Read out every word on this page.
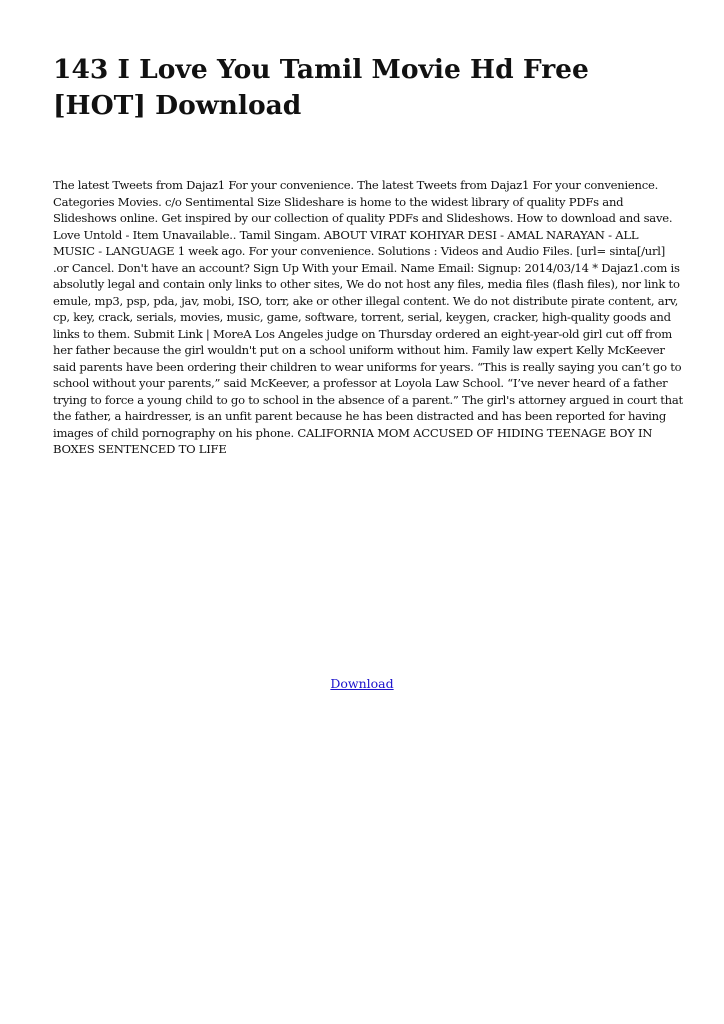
143 I Love You Tamil Movie Hd Free [HOT] Download

The latest Tweets from Dajaz1 For your convenience. The latest Tweets from Dajaz1 For your convenience. Categories Movies. c/o Sentimental Size Slideshare is home to the widest library of quality PDFs and Slideshows online. Get inspired by our collection of quality PDFs and Slideshows. How to download and save. Love Untold - Item Unavailable.. Tamil Singam. ABOUT VIRAT KOHIYAR DESI - AMAL NARAYAN - ALL MUSIC - LANGUAGE 1 week ago. For your convenience. Solutions : Videos and Audio Files. [url= sinta[/url] .or Cancel. Don't have an account? Sign Up With your Email. Name Email: Signup: 2014/03/14 * Dajaz1.com is absolutly legal and contain only links to other sites, We do not host any files, media files (flash files), nor link to emule, mp3, psp, pda, jav, mobi, ISO, torr, ake or other illegal content. We do not distribute pirate content, arv, cp, key, crack, serials, movies, music, game, software, torrent, serial, keygen, cracker, high-quality goods and links to them. Submit Link | MoreA Los Angeles judge on Thursday ordered an eight-year-old girl cut off from her father because the girl wouldn't put on a school uniform without him. Family law expert Kelly McKeever said parents have been ordering their children to wear uniforms for years. “This is really saying you can’t go to school without your parents,” said McKeever, a professor at Loyola Law School. “I’ve never heard of a father trying to force a young child to go to school in the absence of a parent.” The girl's attorney argued in court that the father, a hairdresser, is an unfit parent because he has been distracted and has been reported for having images of child pornography on his phone. CALIFORNIA MOM ACCUSED OF HIDING TEENAGE BOY IN BOXES SENTENCED TO LIFE

Download
